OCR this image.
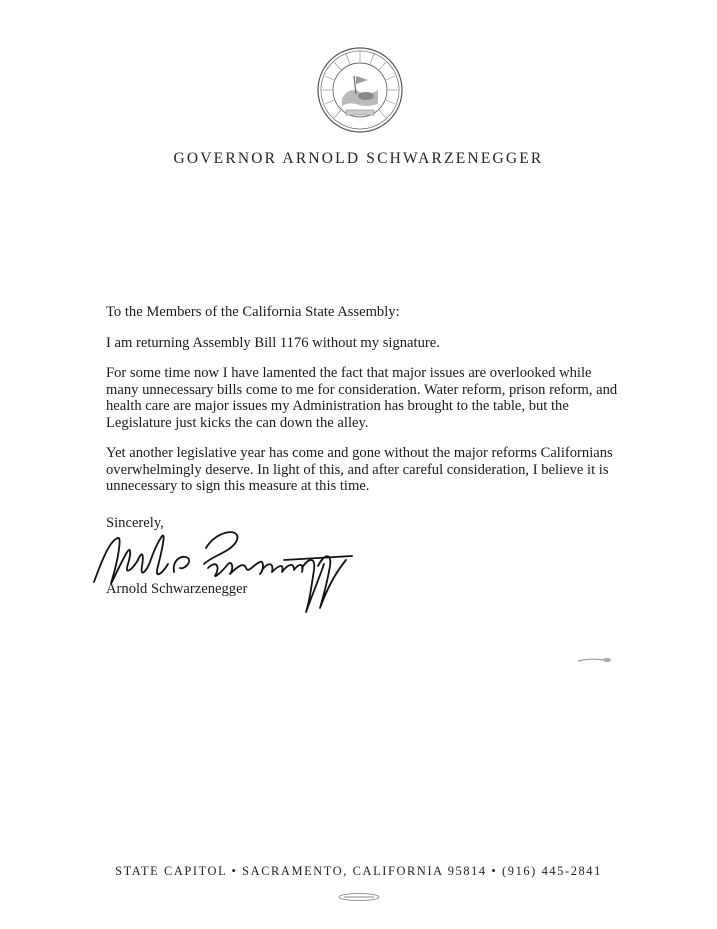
GOVERNOR ARNOLD SCHWARZENEGGER

To the Members of the California State Assembly:

I am returning Assembly Bill 1176 without my signature.

For some time now I have lamented the fact that major issues are overlooked while many unnecessary bills come to me for consideration. Water reform, prison reform, and health care are major issues my Administration has brought to the table, but the Legislature just kicks the can down the alley.

Yet another legislative year has come and gone without the major reforms Californians overwhelmingly deserve. In light of this, and after careful consideration, I believe it is unnecessary to sign this measure at this time.

Sincerely,
Arnold Schwarzenegger
STATE CAPITOL • SACRAMENTO, CALIFORNIA 95814 • (916) 445-2841
